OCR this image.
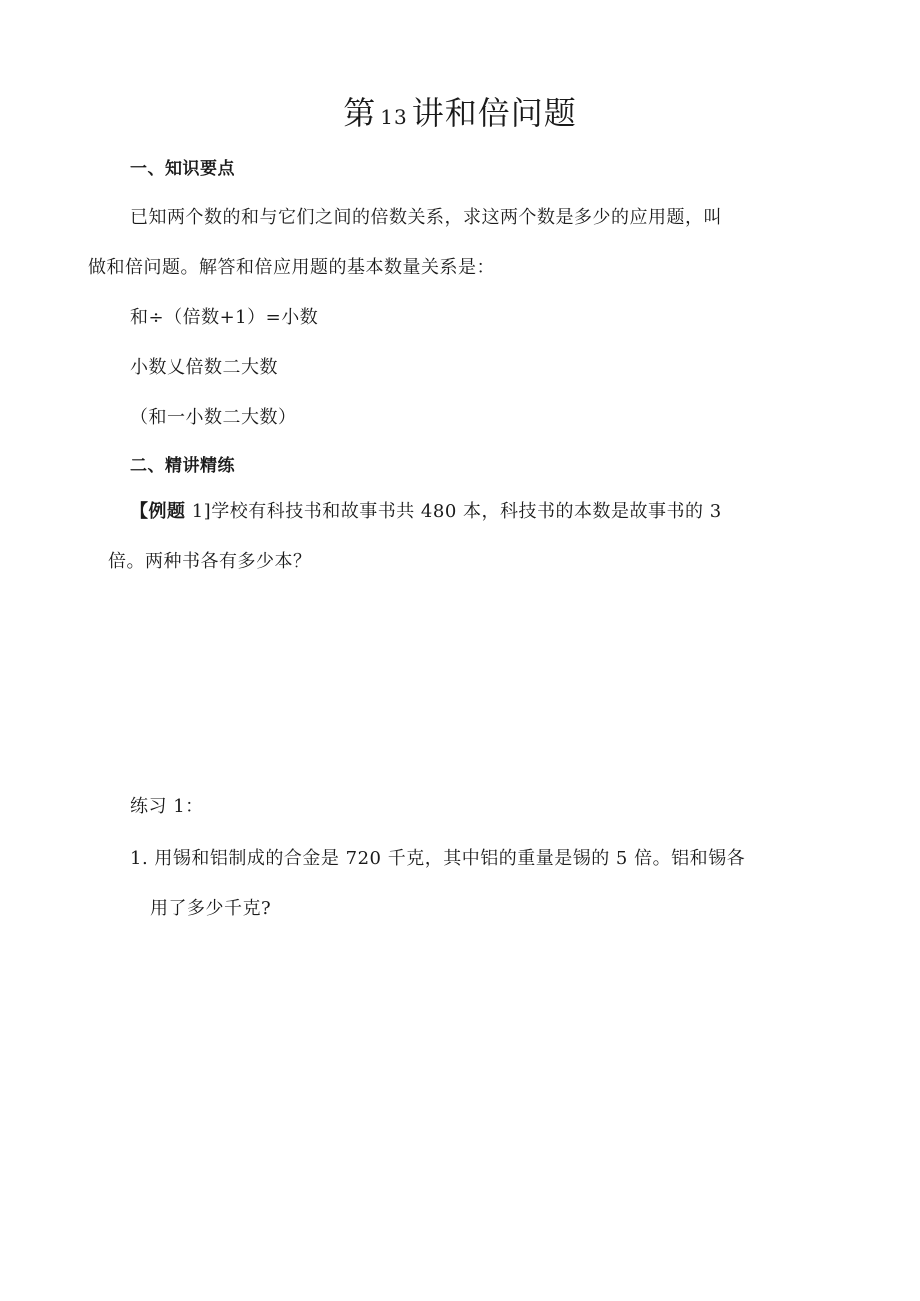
第 13 讲和倍问题
一、知识要点
已知两个数的和与它们之间的倍数关系，求这两个数是多少的应用题，叫
做和倍问题。解答和倍应用题的基本数量关系是：
和÷（倍数+1）=小数
小数乂倍数二大数
（和一小数二大数）
二、精讲精练
【例题 1]学校有科技书和故事书共 480 本，科技书的本数是故事书的 3
倍。两种书各有多少本？
练习 1：
1. 用锡和铝制成的合金是 720 千克，其中铝的重量是锡的 5 倍。铝和锡各
用了多少千克?
